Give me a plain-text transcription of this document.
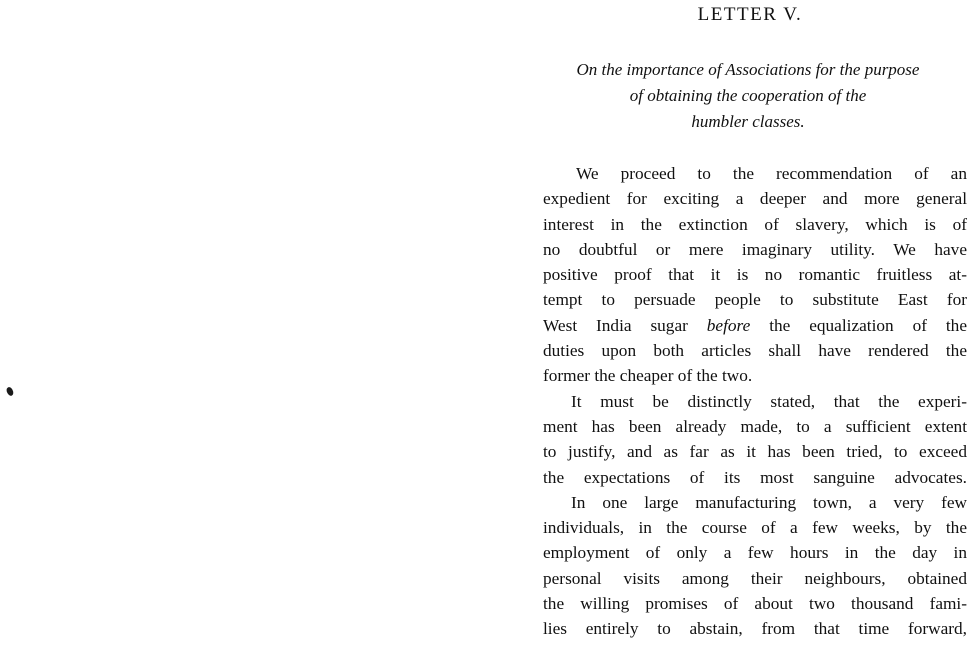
LETTER V.
On the importance of Associations for the purpose
of obtaining the cooperation of the
humbler classes.
We proceed to the recommendation of an
expedient for exciting a deeper and more general
interest in the extinction of slavery, which is of
no doubtful or mere imaginary utility. We have
positive proof that it is no romantic fruitless at-
tempt to persuade people to substitute East for
West India sugar before the equalization of the
duties upon both articles shall have rendered the
former the cheaper of the two.
It must be distinctly stated, that the experi-
ment has been already made, to a sufficient extent
to justify, and as far as it has been tried, to exceed
the expectations of its most sanguine advocates.
In one large manufacturing town, a very few
individuals, in the course of a few weeks, by the
employment of only a few hours in the day in
personal visits among their neighbours, obtained
the willing promises of about two thousand fami-
lies entirely to abstain, from that time forward,
